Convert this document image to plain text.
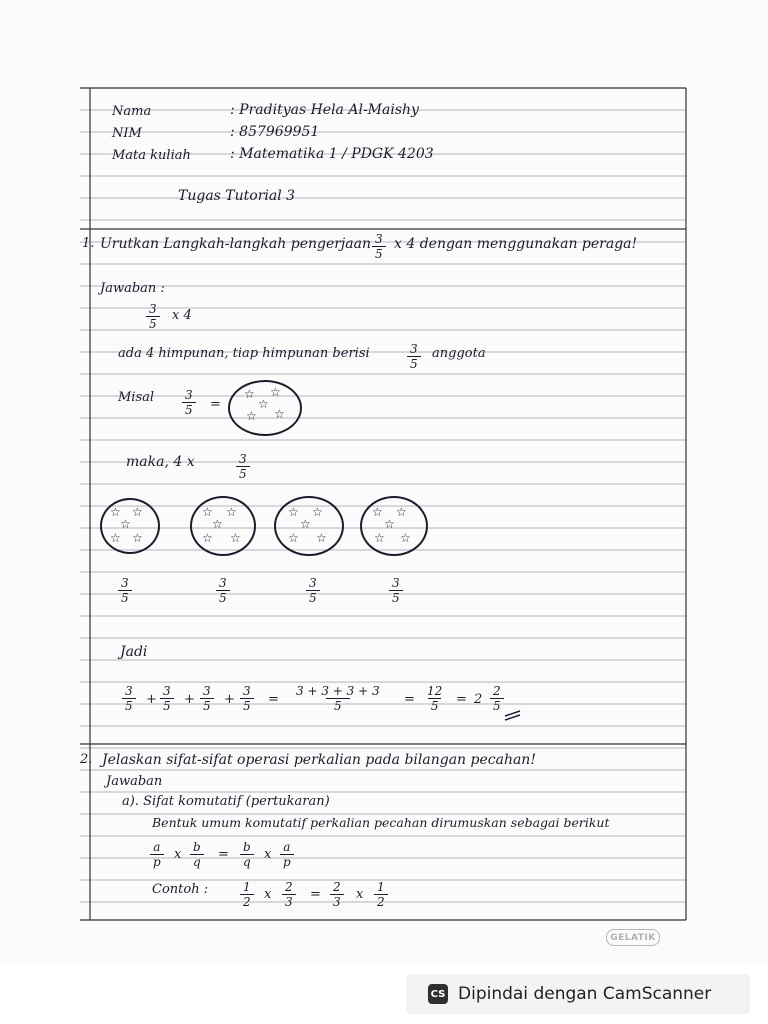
Nama	: Pradityas Hela Al-Maishy
NIM	: 857969951
Mata kuliah	: Matematika 1 / PDGK 4203
Tugas Tutorial 3
1. Urutkan Langkah-langkah pengerjaan $\frac{3}{5}$ x 4 dengan menggunakan peraga!
Jawaban :
$\frac{3}{5}$ x 4
ada 4 himpunan, tiap himpunan berisi	$\frac{3}{5}$ anggota
Misal $\frac{3}{5}$ =
☆ ☆
☆
☆ ☆
maka, 4 x	$\frac{3}{5}$
☆ ☆
☆
☆ ☆
☆ ☆
☆
☆ ☆
☆ ☆
☆
☆ ☆
☆ ☆
☆
☆ ☆
$\frac{3}{5}$	$\frac{3}{5}$	$\frac{3}{5}$	$\frac{3}{5}$
Jadi
$\frac{3}{5} + \frac{3}{5} + \frac{3}{5} + \frac{3}{5} = \frac{3 + 3 + 3 + 3}{5} = \frac{12}{5} = 2 \frac{2}{5}$
2. Jelaskan sifat-sifat operasi perkalian pada bilangan pecahan!
Jawaban
a). Sifat komutatif (pertukaran)
Bentuk umum komutatif perkalian pecahan dirumuskan sebagai berikut
$\frac{a}{p}$ x $\frac{b}{q} = \frac{b}{q}$ x $\frac{a}{p}$
Contoh :	$\frac{1}{2}$ x $\frac{2}{3} = \frac{2}{3}$ x $\frac{1}{2}$
GELATIK
CS Dipindai dengan CamScanner
